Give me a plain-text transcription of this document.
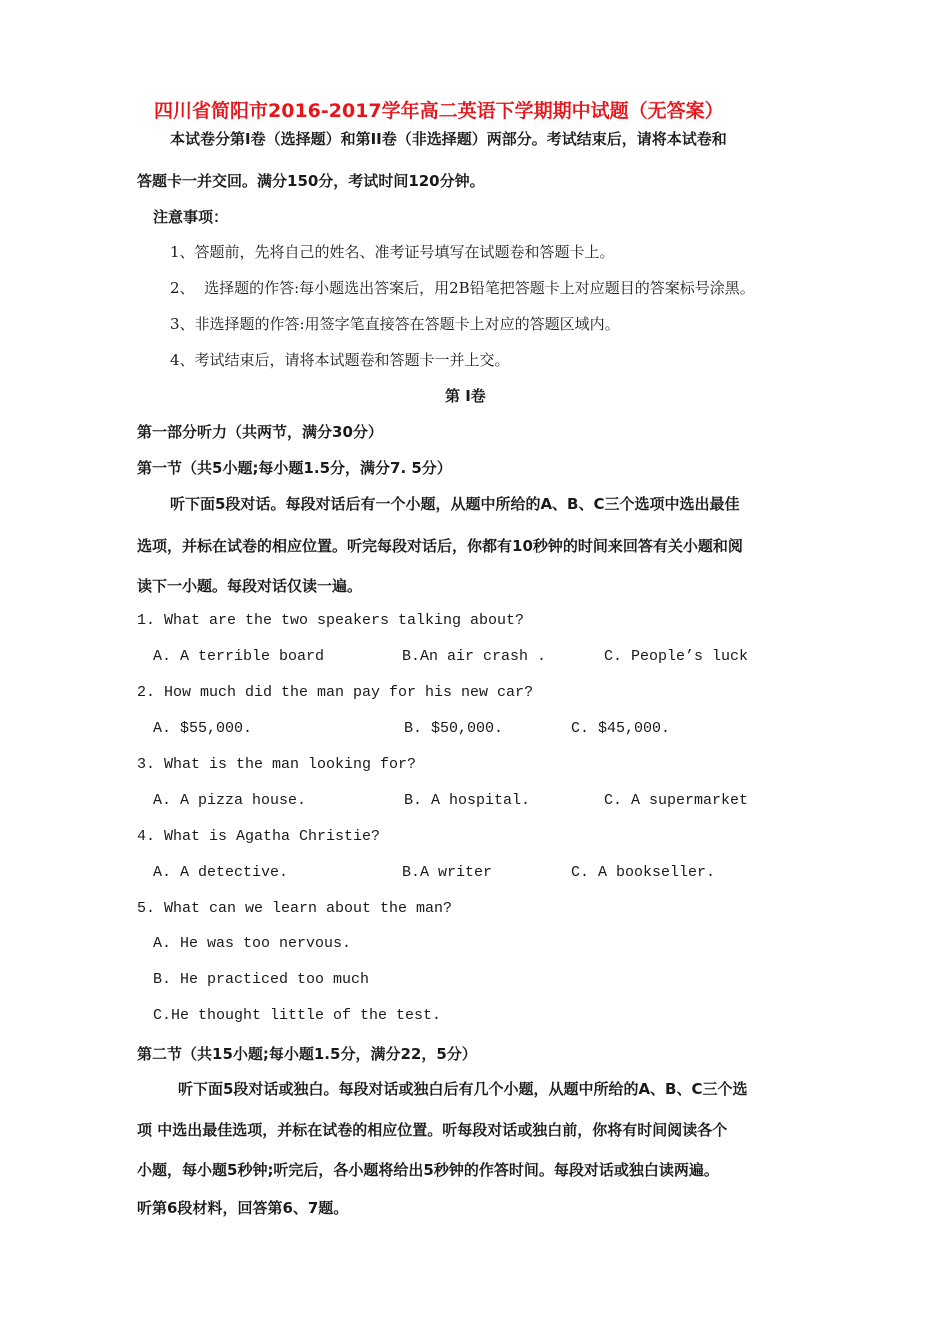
四川省简阳市2016-2017学年高二英语下学期期中试题（无答案）
本试卷分第Ⅰ卷（选择题）和第II卷（非选择题）两部分。考试结束后，请将本试卷和
答题卡一并交回。满分150分，考试时间120分钟。
注意事项：
1、答题前，先将自己的姓名、准考证号填写在试题卷和答题卡上。
2、  选择题的作答:每小题选出答案后，用2B铅笔把答题卡上对应题目的答案标号涂黑。
3、非选择题的作答:用签字笔直接答在答题卡上对应的答题区域内。
4、考试结束后，请将本试题卷和答题卡一并上交。
第 Ⅰ卷
第一部分听力（共两节，满分30分）
第一节（共5小题;每小题1.5分，满分7. 5分）
听下面5段对话。每段对话后有一个小题，从题中所给的A、B、C三个选项中选出最佳
选项，并标在试卷的相应位置。听完每段对话后，你都有10秒钟的时间来回答有关小题和阅
读下一小题。每段对话仅读一遍。
1. What are the two speakers talking about?
A. A terrible board	B.An air crash .	C. People’s luck
2. How much did the man pay for his new car?
A. $55,000.	B. $50,000.	C. $45,000.
3. What is the man looking for?
A. A pizza house.	B. A hospital.	C. A supermarket
4. What is Agatha Christie?
A. A detective.	B.A writer	C. A bookseller.
5. What can we learn about the man?
A. He was too nervous.
B. He practiced too much
C.He thought little of the test.
第二节（共15小题;每小题1.5分，满分22，5分）
听下面5段对话或独白。每段对话或独白后有几个小题，从题中所给的A、B、C三个选
项 中选出最佳选项，并标在试卷的相应位置。听每段对话或独白前，你将有时间阅读各个
小题，每小题5秒钟;听完后，各小题将给出5秒钟的作答时间。每段对话或独白读两遍。
听第6段材料，回答第6、7题。
